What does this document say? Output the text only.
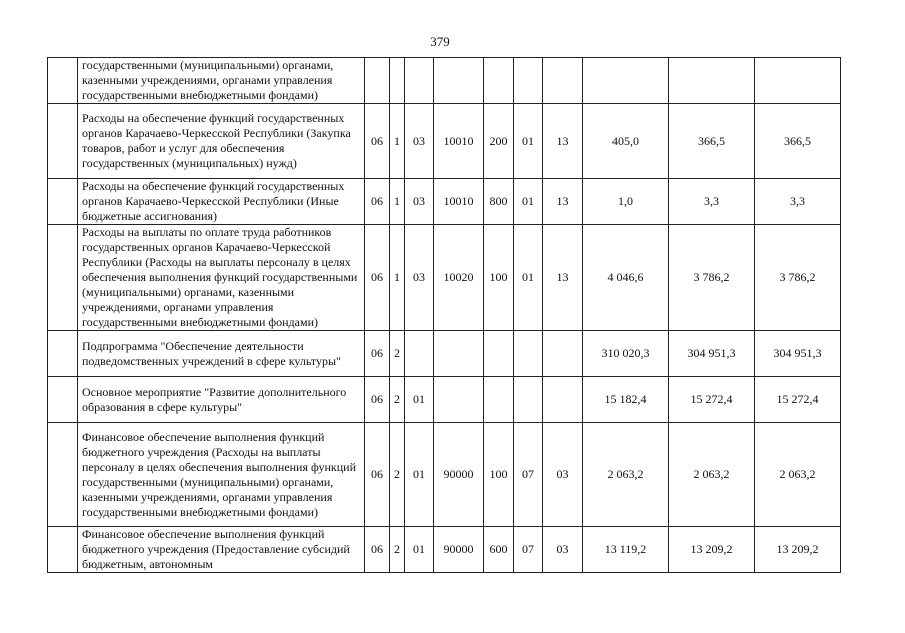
379
	государственными (муниципальными) органами, казенными учреждениями, органами управления государственными внебюджетными фондами)										
	Расходы на обеспечение функций государственных органов Карачаево-Черкесской Республики (Закупка товаров, работ и услуг для обеспечения государственных (муниципальных) нужд)	06	1	03	10010	200	01	13	405,0	366,5	366,5
	Расходы на обеспечение функций государственных органов Карачаево-Черкесской Республики (Иные бюджетные ассигнования)	06	1	03	10010	800	01	13	1,0	3,3	3,3
	Расходы на выплаты по оплате труда работников государственных органов Карачаево-Черкесской Республики (Расходы на выплаты персоналу в целях обеспечения выполнения функций государственными (муниципальными) органами, казенными учреждениями, органами управления государственными внебюджетными фондами)	06	1	03	10020	100	01	13	4 046,6	3 786,2	3 786,2
	Подпрограмма "Обеспечение деятельности подведомственных учреждений в сфере культуры"	06	2						310 020,3	304 951,3	304 951,3
	Основное мероприятие "Развитие дополнительного образования в сфере культуры"	06	2	01					15 182,4	15 272,4	15 272,4
	Финансовое обеспечение выполнения функций бюджетного учреждения (Расходы на выплаты персоналу в целях обеспечения выполнения функций государственными (муниципальными) органами, казенными учреждениями, органами управления государственными внебюджетными фондами)	06	2	01	90000	100	07	03	2 063,2	2 063,2	2 063,2
	Финансовое обеспечение выполнения функций бюджетного учреждения (Предоставление субсидий бюджетным, автономным	06	2	01	90000	600	07	03	13 119,2	13 209,2	13 209,2
